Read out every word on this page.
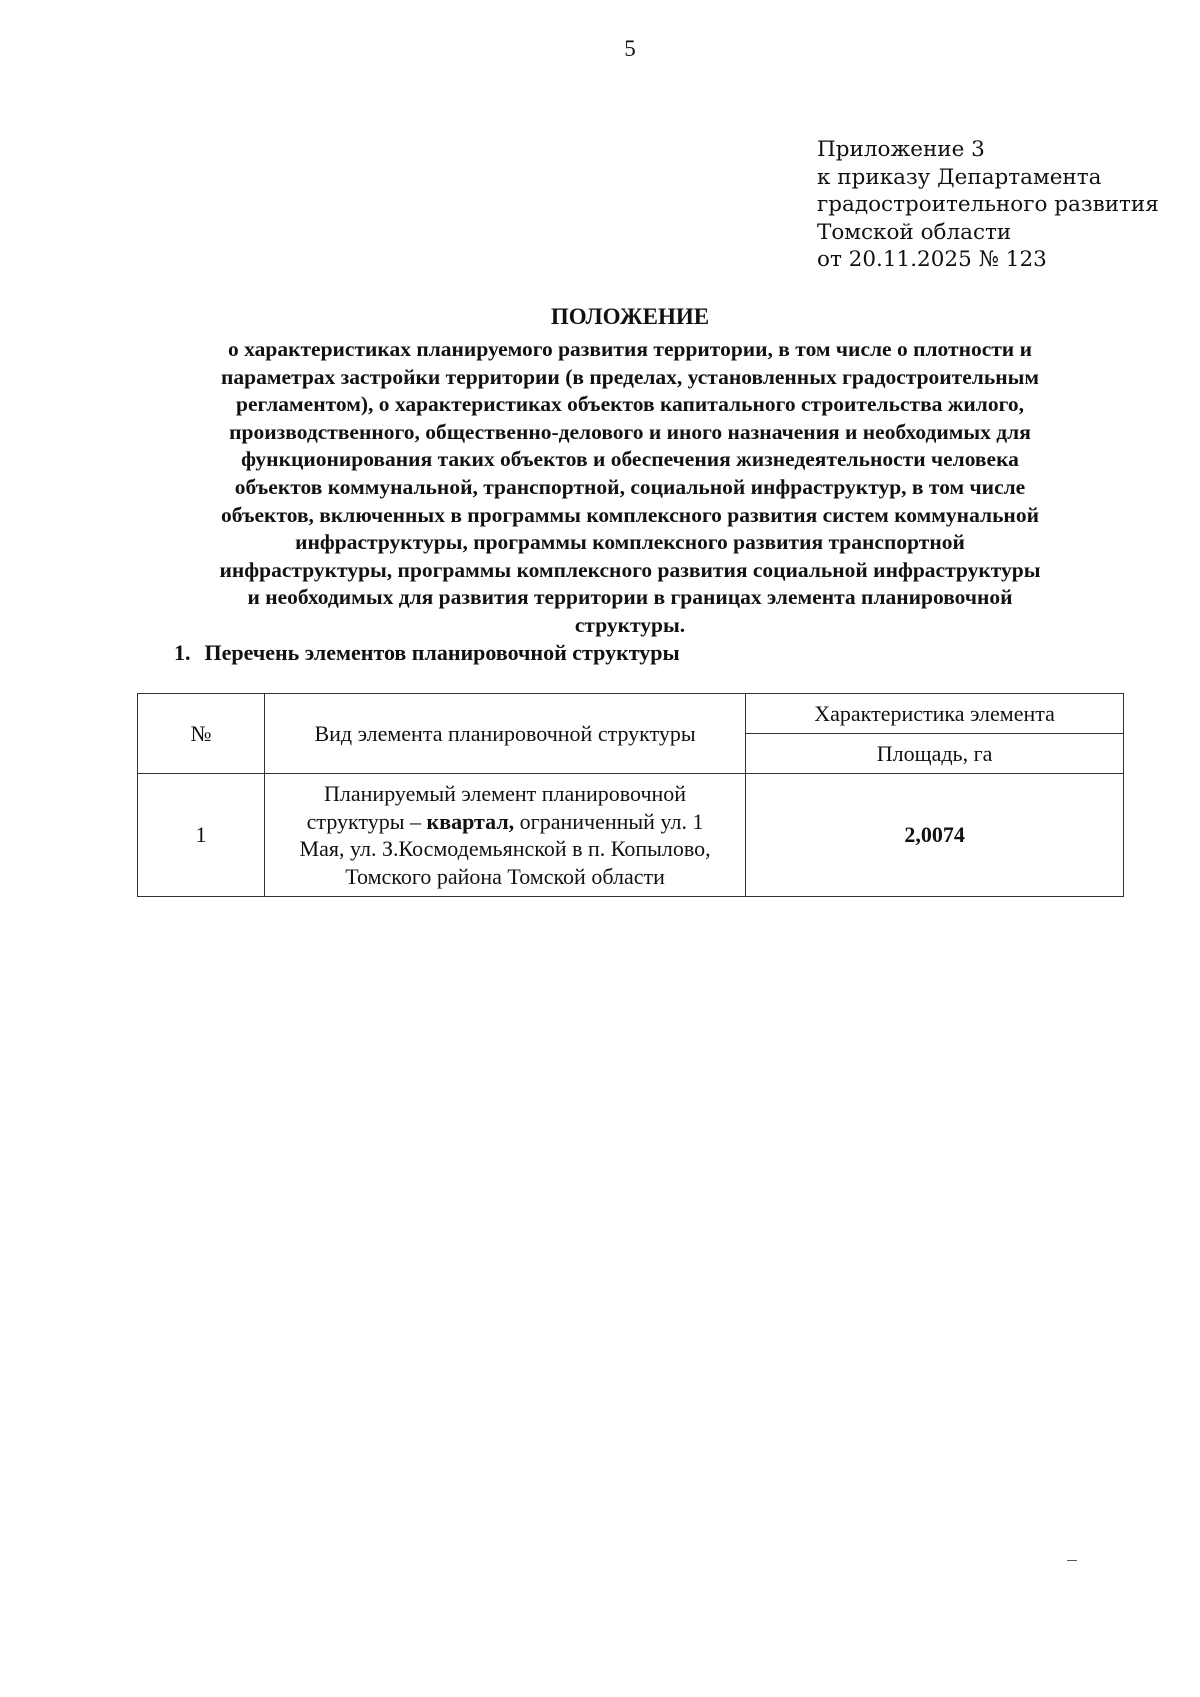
5
Приложение 3
к приказу Департамента
градостроительного развития
Томской области
от 20.11.2025 № 123
ПОЛОЖЕНИЕ
о характеристиках планируемого развития территории, в том числе о плотности и
параметрах застройки территории (в пределах, установленных градостроительным
регламентом), о характеристиках объектов капитального строительства жилого,
производственного, общественно-делового и иного назначения и необходимых для
функционирования таких объектов и обеспечения жизнедеятельности человека
объектов коммунальной, транспортной, социальной инфраструктур, в том числе
объектов, включенных в программы комплексного развития систем коммунальной
инфраструктуры, программы комплексного развития транспортной
инфраструктуры, программы комплексного развития социальной инфраструктуры
и необходимых для развития территории в границах элемента планировочной
структуры.
1. Перечень элементов планировочной структуры
№	Вид элемента планировочной структуры	Характеристика элемента
		Площадь, га
1	Планируемый элемент планировочной
структуры – квартал, ограниченный ул. 1
Мая, ул. З.Космодемьянской в п. Копылово,
Томского района Томской области	2,0074
